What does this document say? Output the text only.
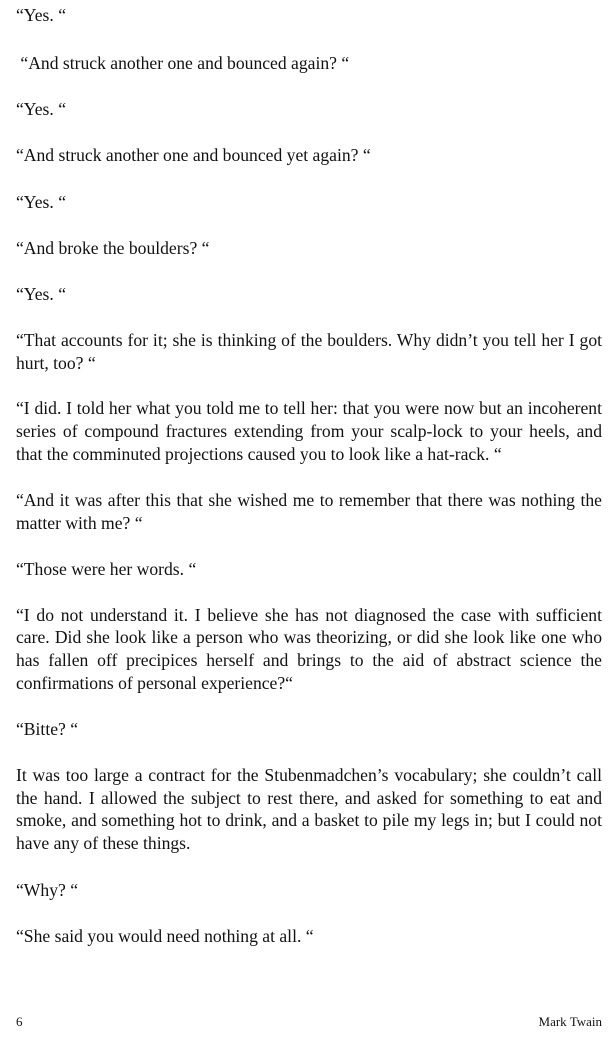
“Yes. “

“And struck another one and bounced again? “

“Yes. “

“And struck another one and bounced yet again? “

“Yes. “

“And broke the boulders? “

“Yes. “

“That accounts for it; she is thinking of the boulders. Why didn’t you tell her I got hurt, too? “

“I did. I told her what you told me to tell her: that you were now but an incoherent series of compound fractures extending from your scalp-lock to your heels, and that the comminuted projections caused you to look like a hat-rack. “

“And it was after this that she wished me to remember that there was nothing the matter with me? “

“Those were her words. “

“I do not understand it. I believe she has not diagnosed the case with sufficient care. Did she look like a person who was theorizing, or did she look like one who has fallen off precipices herself and brings to the aid of abstract science the confirmations of personal experience?“

“Bitte? “

It was too large a contract for the Stubenmadchen’s vocabulary; she couldn’t call the hand. I allowed the subject to rest there, and asked for something to eat and smoke, and something hot to drink, and a basket to pile my legs in; but I could not have any of these things.

“Why? “

“She said you would need nothing at all. “

6	Mark Twain
